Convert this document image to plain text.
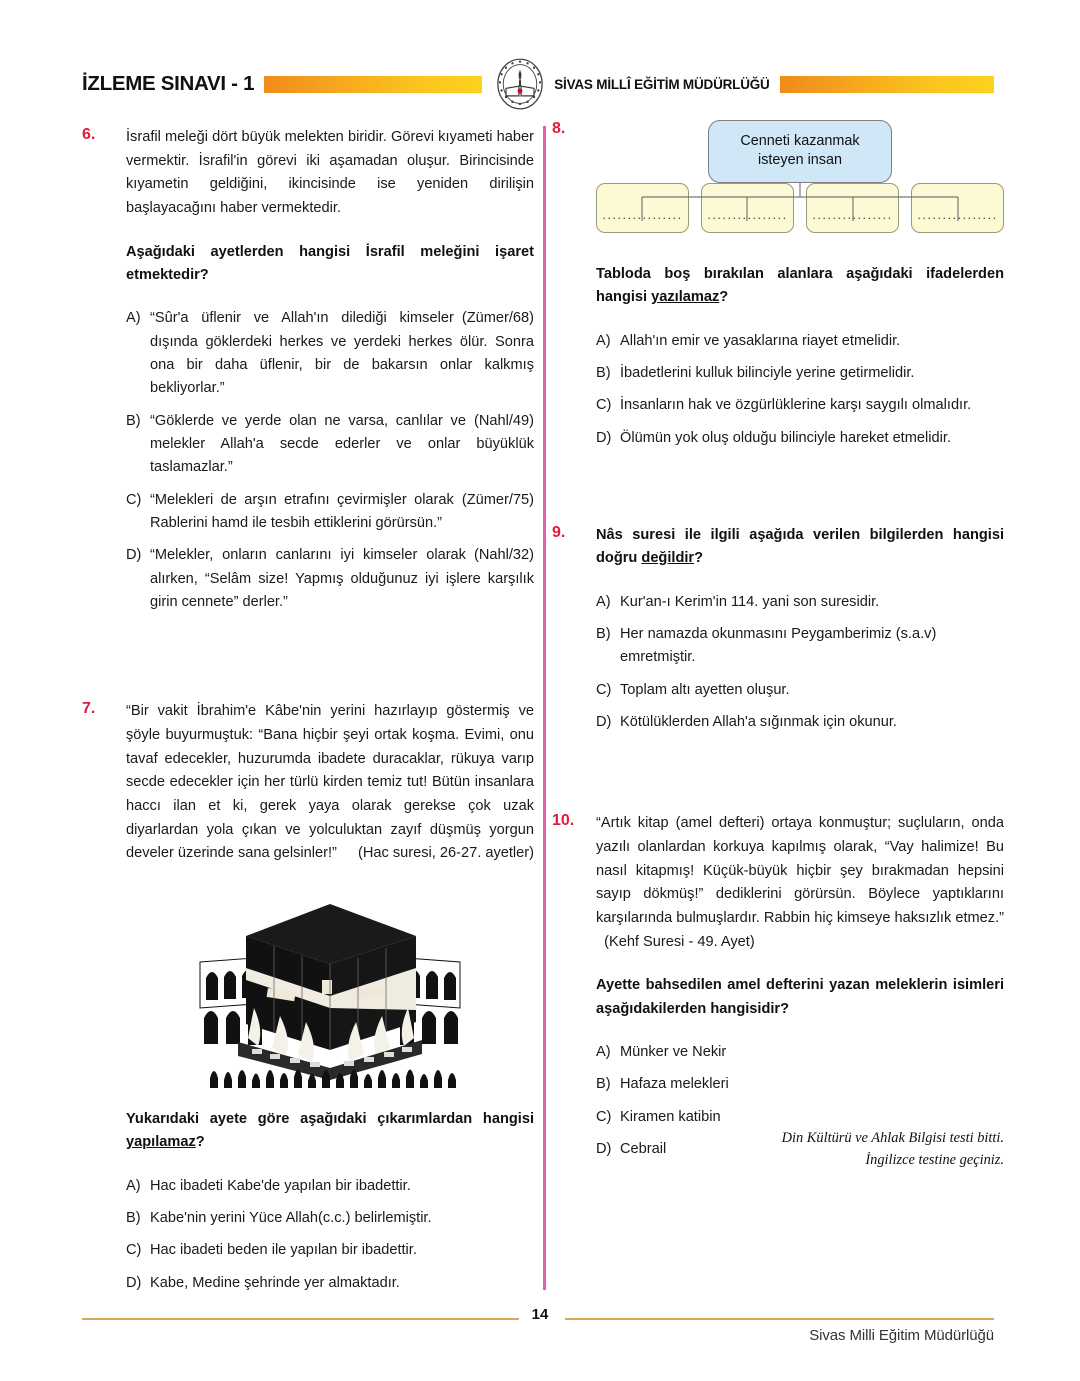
İZLEME SINAVI - 1	SİVAS MİLLÎ EĞİTİM MÜDÜRLÜĞÜ
6.	İsrafil meleği dört büyük melekten biridir. Görevi kıyameti haber vermektir. İsrafil'in görevi iki aşamadan oluşur. Birincisinde kıyametin geldiğini, ikincisinde ise yeniden dirilişin başlayacağını haber vermektedir.
Aşağıdaki ayetlerden hangisi İsrafil meleğini işaret etmektedir?
A)	(Zümer/68)
“Sûr'a üflenir ve Allah'ın dilediği kimseler dışında göklerdeki herkes ve yerdeki herkes ölür. Sonra ona bir daha üflenir, bir de bakarsın onlar kalkmış bekliyorlar.”
B)	(Nahl/49)
“Göklerde ve yerde olan ne varsa, canlılar ve melekler Allah'a secde ederler ve onlar büyüklük taslamazlar.”
C)	(Zümer/75)
“Melekleri de arşın etrafını çevirmişler olarak Rablerini hamd ile tesbih ettiklerini görürsün.”
D)	(Nahl/32)
“Melekler, onların canlarını iyi kimseler olarak alırken, “Selâm size! Yapmış olduğunuz iyi işlere karşılık girin cennete” derler.”
7.	“Bir vakit İbrahim'e Kâbe'nin yerini hazırlayıp göstermiş ve şöyle buyurmuştuk: “Bana hiçbir şeyi ortak koşma. Evimi, onu tavaf edecekler, huzurumda ibadete duracaklar, rükuya varıp secde edecekler için her türlü kirden temiz tut! Bütün insanlara haccı ilan et ki, gerek yaya olarak gerekse çok uzak diyarlardan yola çıkan ve yolculuktan zayıf düşmüş yorgun develer üzerinde sana gelsinler!” (Hac suresi, 26-27. ayetler)
Yukarıdaki ayete göre aşağıdaki çıkarımlardan hangisi yapılamaz?
A) Hac ibadeti Kabe'de yapılan bir ibadettir.
B) Kabe'nin yerini Yüce Allah(c.c.) belirlemiştir.
C) Hac ibadeti beden ile yapılan bir ibadettir.
D) Kabe, Medine şehrinde yer almaktadır.
8.
Cenneti kazanmak isteyen insan
................	................	................	................
Tabloda boş bırakılan alanlara aşağıdaki ifadelerden hangisi yazılamaz?
A) Allah'ın emir ve yasaklarına riayet etmelidir.
B) İbadetlerini kulluk bilinciyle yerine getirmelidir.
C) İnsanların hak ve özgürlüklerine karşı saygılı olmalıdır.
D) Ölümün yok oluş olduğu bilinciyle hareket etmelidir.
9.	Nâs suresi ile ilgili aşağıda verilen bilgilerden hangisi doğru değildir?
A) Kur'an-ı Kerim'in 114. yani son suresidir.
B) Her namazda okunmasını Peygamberimiz (s.a.v) emretmiştir.
C) Toplam altı ayetten oluşur.
D) Kötülüklerden Allah'a sığınmak için okunur.
10.	“Artık kitap (amel defteri) ortaya konmuştur; suçluların, onda yazılı olanlardan korkuya kapılmış olarak, “Vay halimize! Bu nasıl kitapmış! Küçük-büyük hiçbir şey bırakmadan hepsini sayıp dökmüş!” dediklerini görürsün. Böylece yaptıklarını karşılarında bulmuşlardır. Rabbin hiç kimseye haksızlık etmez.”   (Kehf Suresi - 49. Ayet)
Ayette bahsedilen amel defterini yazan meleklerin isimleri aşağıdakilerden hangisidir?
A) Münker ve Nekir
B) Hafaza melekleri
C) Kiramen katibin
D) Cebrail
Din Kültürü ve Ahlak Bilgisi testi bitti.
İngilizce testine geçiniz.
14
Sivas Milli Eğitim Müdürlüğü
